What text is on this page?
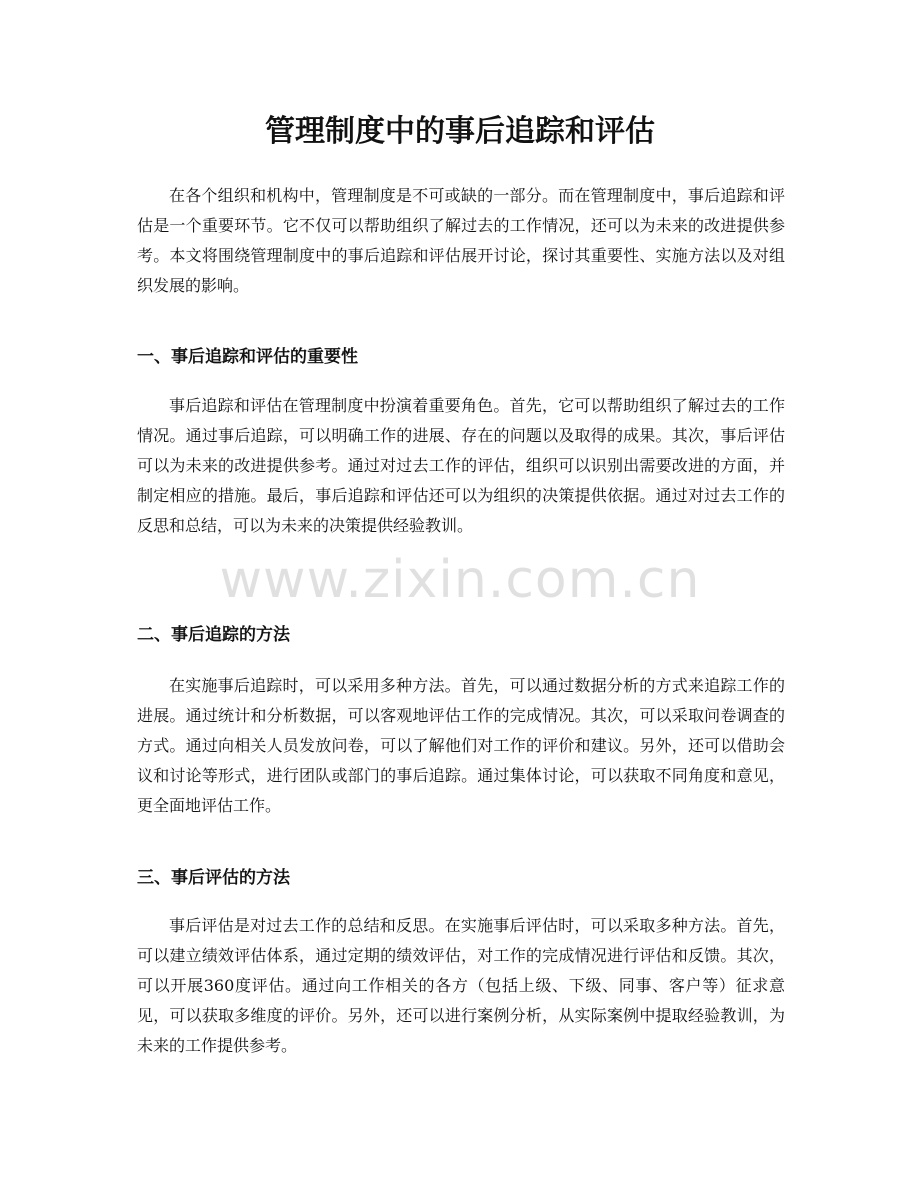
管理制度中的事后追踪和评估

在各个组织和机构中，管理制度是不可或缺的一部分。而在管理制度中，事后追踪和评估是一个重要环节。它不仅可以帮助组织了解过去的工作情况，还可以为未来的改进提供参考。本文将围绕管理制度中的事后追踪和评估展开讨论，探讨其重要性、实施方法以及对组织发展的影响。

一、事后追踪和评估的重要性

事后追踪和评估在管理制度中扮演着重要角色。首先，它可以帮助组织了解过去的工作情况。通过事后追踪，可以明确工作的进展、存在的问题以及取得的成果。其次，事后评估可以为未来的改进提供参考。通过对过去工作的评估，组织可以识别出需要改进的方面，并制定相应的措施。最后，事后追踪和评估还可以为组织的决策提供依据。通过对过去工作的反思和总结，可以为未来的决策提供经验教训。

二、事后追踪的方法

在实施事后追踪时，可以采用多种方法。首先，可以通过数据分析的方式来追踪工作的进展。通过统计和分析数据，可以客观地评估工作的完成情况。其次，可以采取问卷调查的方式。通过向相关人员发放问卷，可以了解他们对工作的评价和建议。另外，还可以借助会议和讨论等形式，进行团队或部门的事后追踪。通过集体讨论，可以获取不同角度和意见，更全面地评估工作。

三、事后评估的方法

事后评估是对过去工作的总结和反思。在实施事后评估时，可以采取多种方法。首先，可以建立绩效评估体系，通过定期的绩效评估，对工作的完成情况进行评估和反馈。其次，可以开展360度评估。通过向工作相关的各方（包括上级、下级、同事、客户等）征求意见，可以获取多维度的评价。另外，还可以进行案例分析，从实际案例中提取经验教训，为未来的工作提供参考。

www.zixin.com.cn
